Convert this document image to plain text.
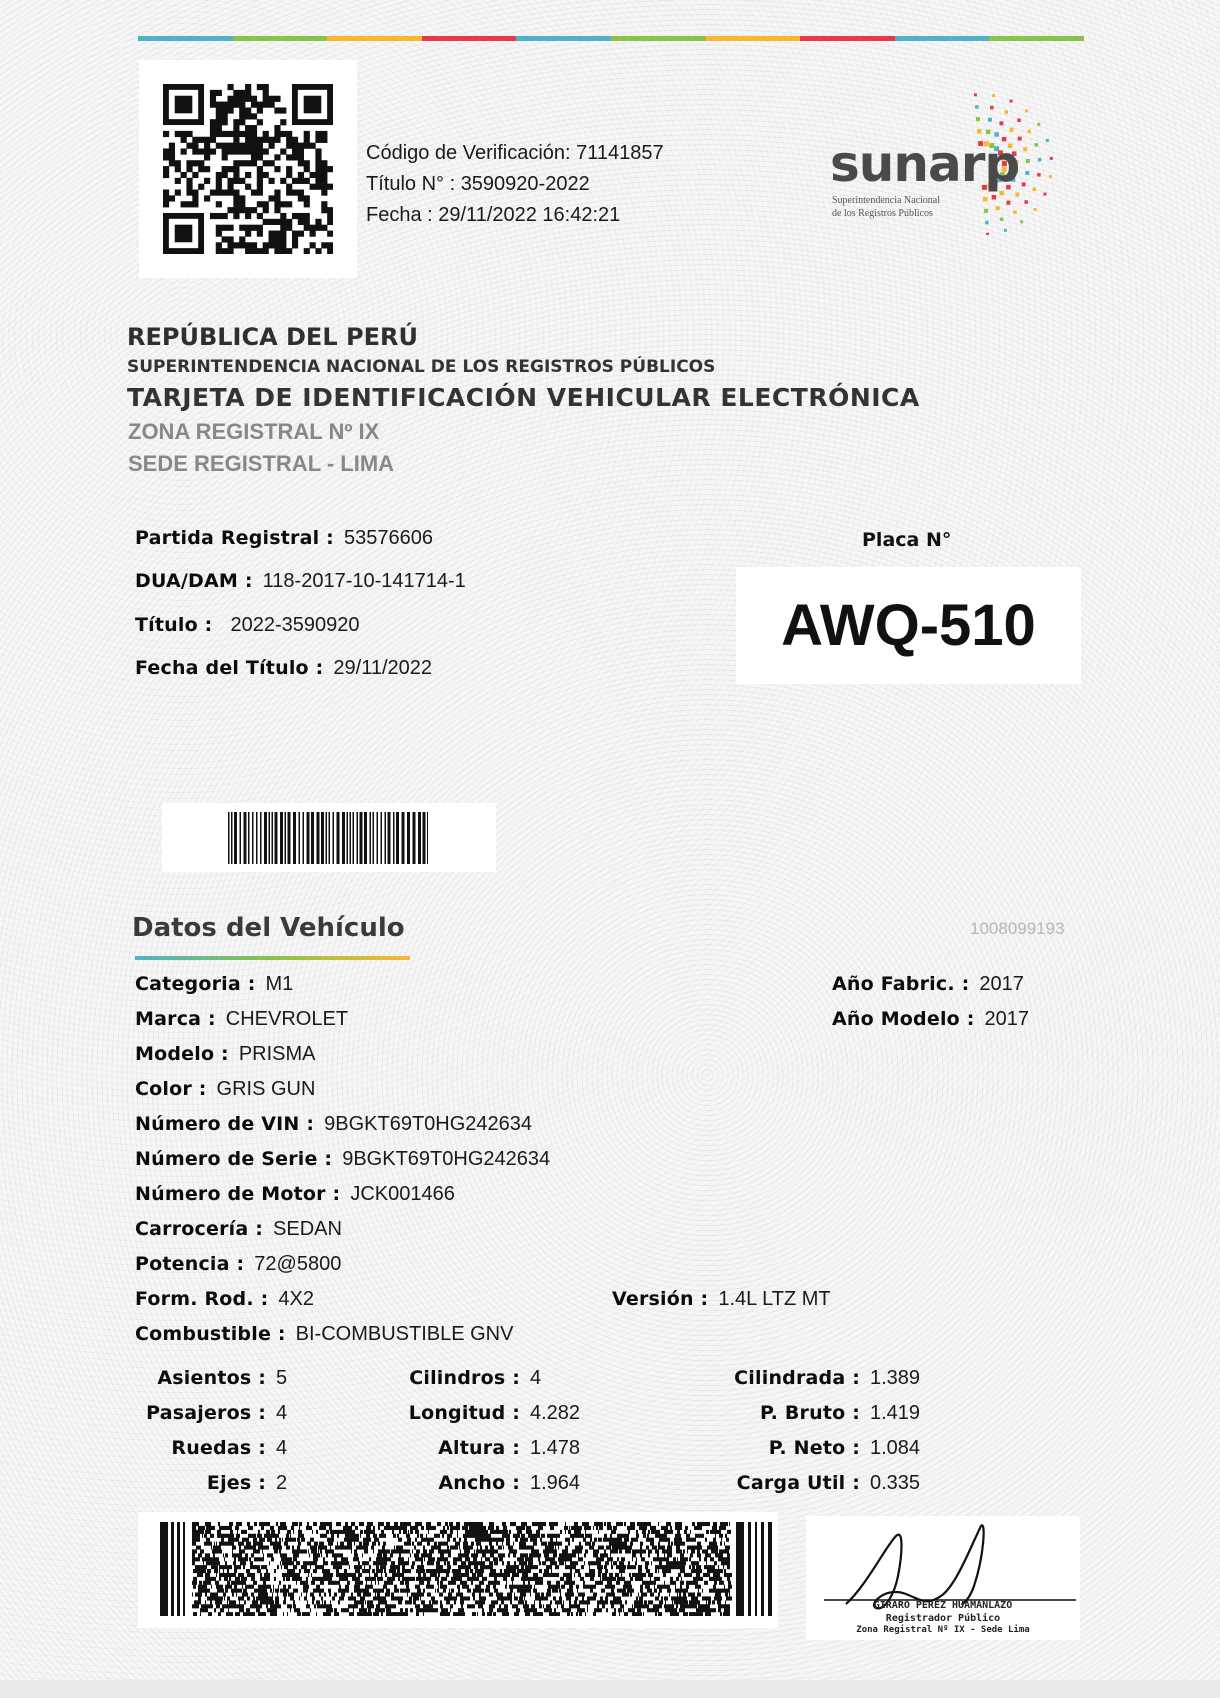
Código de Verificación: 71141857
Título N° : 3590920-2022
Fecha : 29/11/2022 16:42:21
sunarp
Superintendencia Nacional
de los Registros Públicos
REPÚBLICA DEL PERÚ
SUPERINTENDENCIA NACIONAL DE LOS REGISTROS PÚBLICOS
TARJETA DE IDENTIFICACIÓN VEHICULAR ELECTRÓNICA
ZONA REGISTRAL Nº IX
SEDE REGISTRAL - LIMA
Partida Registral : 53576606
DUA/DAM : 118-2017-10-141714-1
Título : 2022-3590920
Fecha del Título : 29/11/2022
Placa N°
AWQ-510
Datos del Vehículo	1008099193
Categoria : M1
Marca : CHEVROLET
Modelo : PRISMA
Color : GRIS GUN
Número de VIN : 9BGKT69T0HG242634
Número de Serie : 9BGKT69T0HG242634
Número de Motor : JCK001466
Carrocería : SEDAN
Potencia : 72@5800
Form. Rod. : 4X2	Versión : 1.4L LTZ MT
Combustible : BI-COMBUSTIBLE GNV
Año Fabric. : 2017
Año Modelo : 2017
Asientos : 5
Pasajeros : 4
Ruedas : 4
Ejes : 2
Cilindros : 4
Longitud : 4.282
Altura : 1.478
Ancho : 1.964
Cilindrada : 1.389
P. Bruto : 1.419
P. Neto : 1.084
Carga Util : 0.335
GIRARO PEREZ HUAMANLAZO
Registrador Público
Zona Registral Nº IX - Sede Lima
